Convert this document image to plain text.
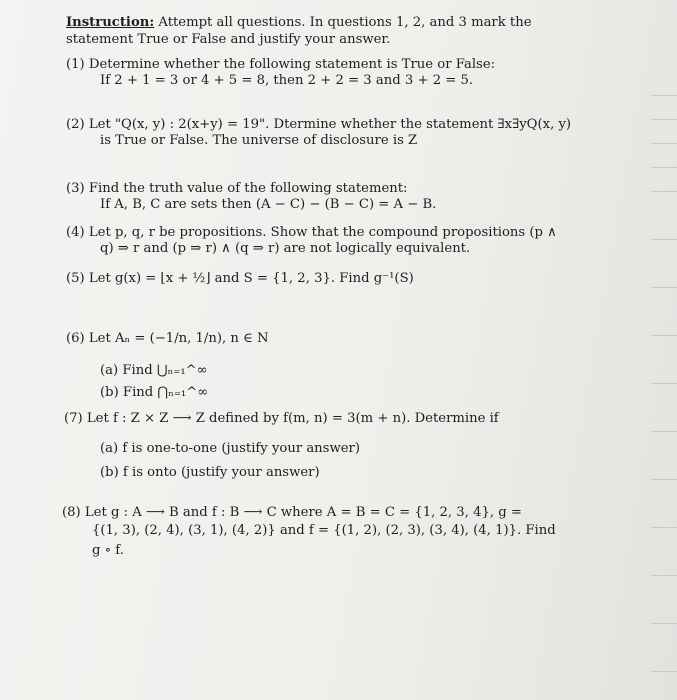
Instruction: Attempt all questions. In questions 1, 2, and 3 mark the
statement True or False and justify your answer.
(1) Determine whether the following statement is True or False:
If 2 + 1 = 3 or 4 + 5 = 8, then 2 + 2 = 3 and 3 + 2 = 5.
(2) Let "Q(x, y) : 2(x+y) = 19". Dtermine whether the statement ∃x∃yQ(x, y)
is True or False. The universe of disclosure is Z
(3) Find the truth value of the following statement:
If A, B, C are sets then (A − C) − (B − C) = A − B.
(4) Let p, q, r be propositions. Show that the compound propositions (p ∧
q) ⇒ r and (p ⇒ r) ∧ (q ⇒ r) are not logically equivalent.
(5) Let g(x) = ⌊x + ½⌋ and S = {1, 2, 3}. Find g⁻¹(S)
(6) Let Aₙ = (−1/n, 1/n), n ∈ N
(a) Find ⋃ₙ₌₁^∞
(b) Find ⋂ₙ₌₁^∞
(7) Let f : Z × Z ⟶ Z defined by f(m, n) = 3(m + n). Determine if
(a) f is one-to-one (justify your answer)
(b) f is onto (justify your answer)
(8) Let g : A ⟶ B and f : B ⟶ C where A = B = C = {1, 2, 3, 4}, g =
{(1, 3), (2, 4), (3, 1), (4, 2)} and f = {(1, 2), (2, 3), (3, 4), (4, 1)}. Find
g ∘ f.
